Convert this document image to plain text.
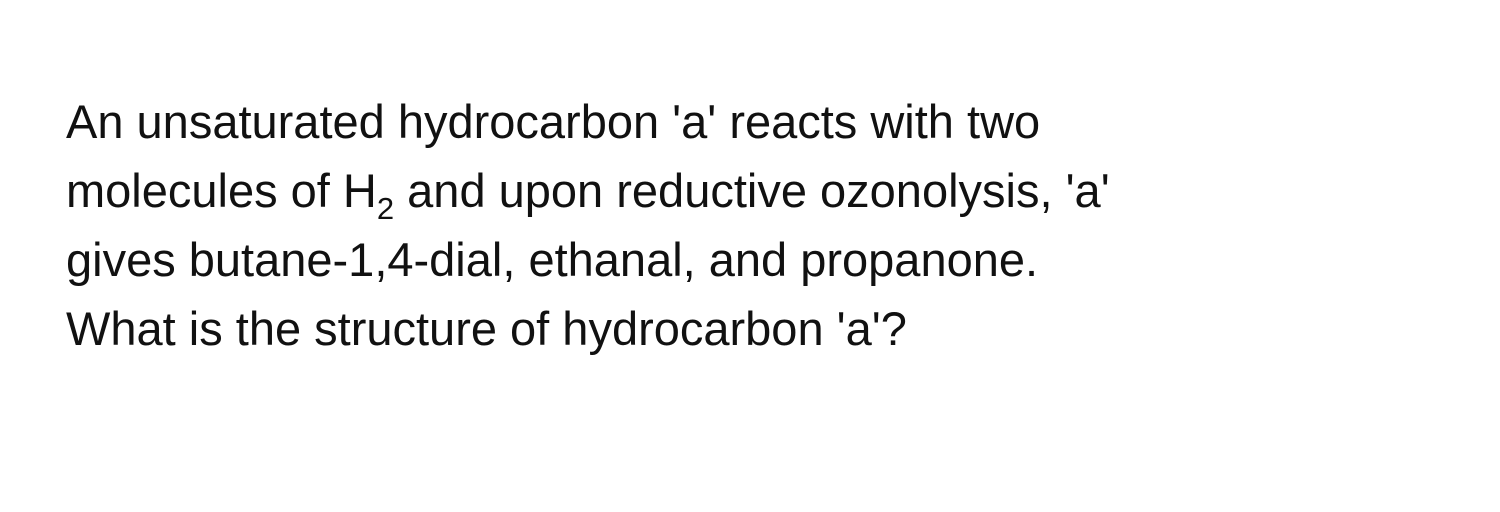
An unsaturated hydrocarbon 'a' reacts with two
molecules of $H_2$ and upon reductive ozonolysis, 'a'
gives butane-1,4-dial, ethanal, and propanone.
What is the structure of hydrocarbon 'a'?
